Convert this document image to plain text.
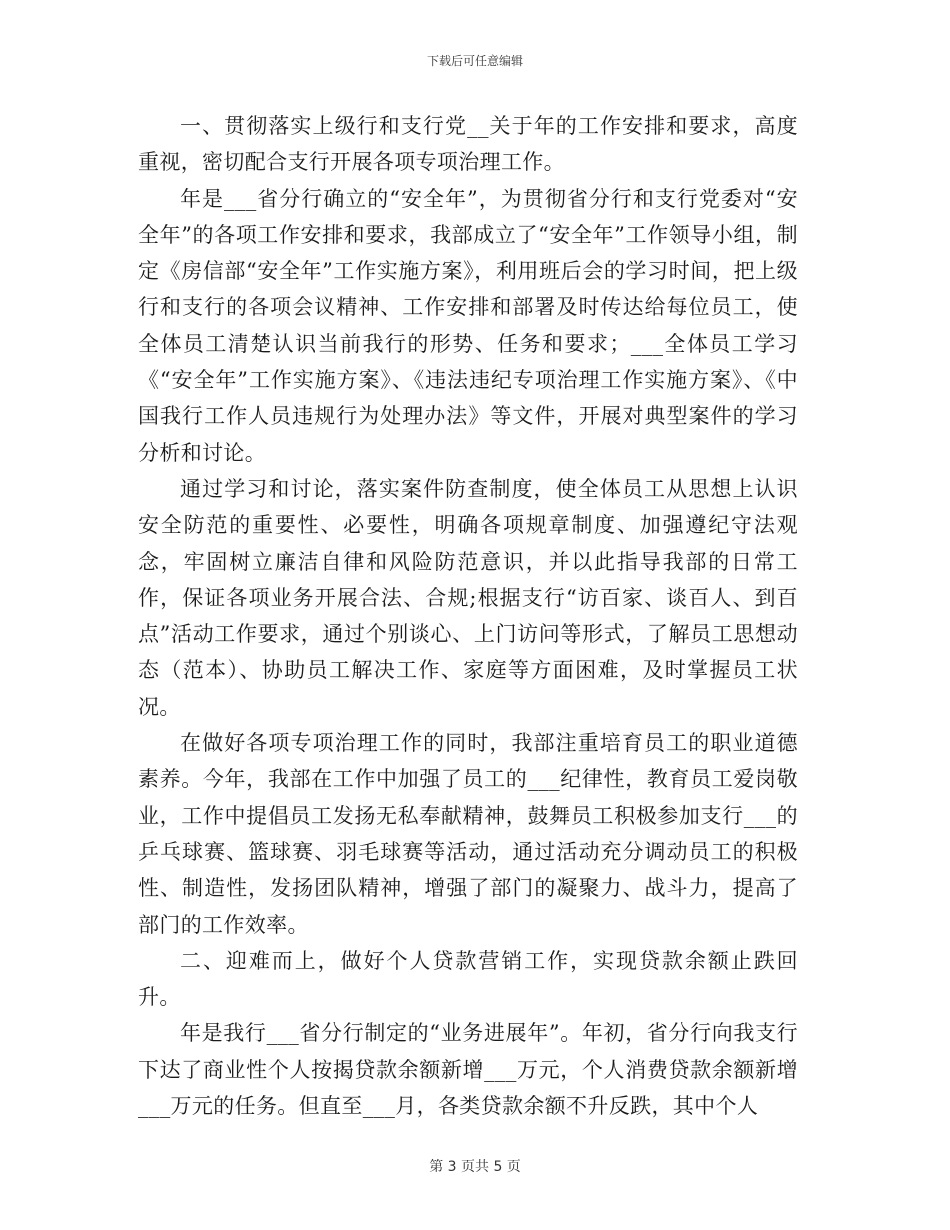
下载后可任意编辑

一、贯彻落实上级行和支行党__关于年的工作安排和要求，高度重视，密切配合支行开展各项专项治理工作。

年是___省分行确立的“安全年”，为贯彻省分行和支行党委对“安全年”的各项工作安排和要求，我部成立了“安全年”工作领导小组，制定《房信部“安全年”工作实施方案》，利用班后会的学习时间，把上级行和支行的各项会议精神、工作安排和部署及时传达给每位员工，使全体员工清楚认识当前我行的形势、任务和要求；___全体员工学习《“安全年”工作实施方案》、《违法违纪专项治理工作实施方案》、《中国我行工作人员违规行为处理办法》等文件，开展对典型案件的学习分析和讨论。

通过学习和讨论，落实案件防查制度，使全体员工从思想上认识安全防范的重要性、必要性，明确各项规章制度、加强遵纪守法观念，牢固树立廉洁自律和风险防范意识，并以此指导我部的日常工作，保证各项业务开展合法、合规;根据支行“访百家、谈百人、到百点”活动工作要求，通过个别谈心、上门访问等形式，了解员工思想动态（范本）、协助员工解决工作、家庭等方面困难，及时掌握员工状况。

在做好各项专项治理工作的同时，我部注重培育员工的职业道德素养。今年，我部在工作中加强了员工的___纪律性，教育员工爱岗敬业，工作中提倡员工发扬无私奉献精神，鼓舞员工积极参加支行___的乒乓球赛、篮球赛、羽毛球赛等活动，通过活动充分调动员工的积极性、制造性，发扬团队精神，增强了部门的凝聚力、战斗力，提高了部门的工作效率。

二、迎难而上，做好个人贷款营销工作，实现贷款余额止跌回升。

年是我行___省分行制定的“业务进展年”。年初，省分行向我支行下达了商业性个人按揭贷款余额新增___万元，个人消费贷款余额新增___万元的任务。但直至___月，各类贷款余额不升反跌，其中个人

第 3 页共 5 页
